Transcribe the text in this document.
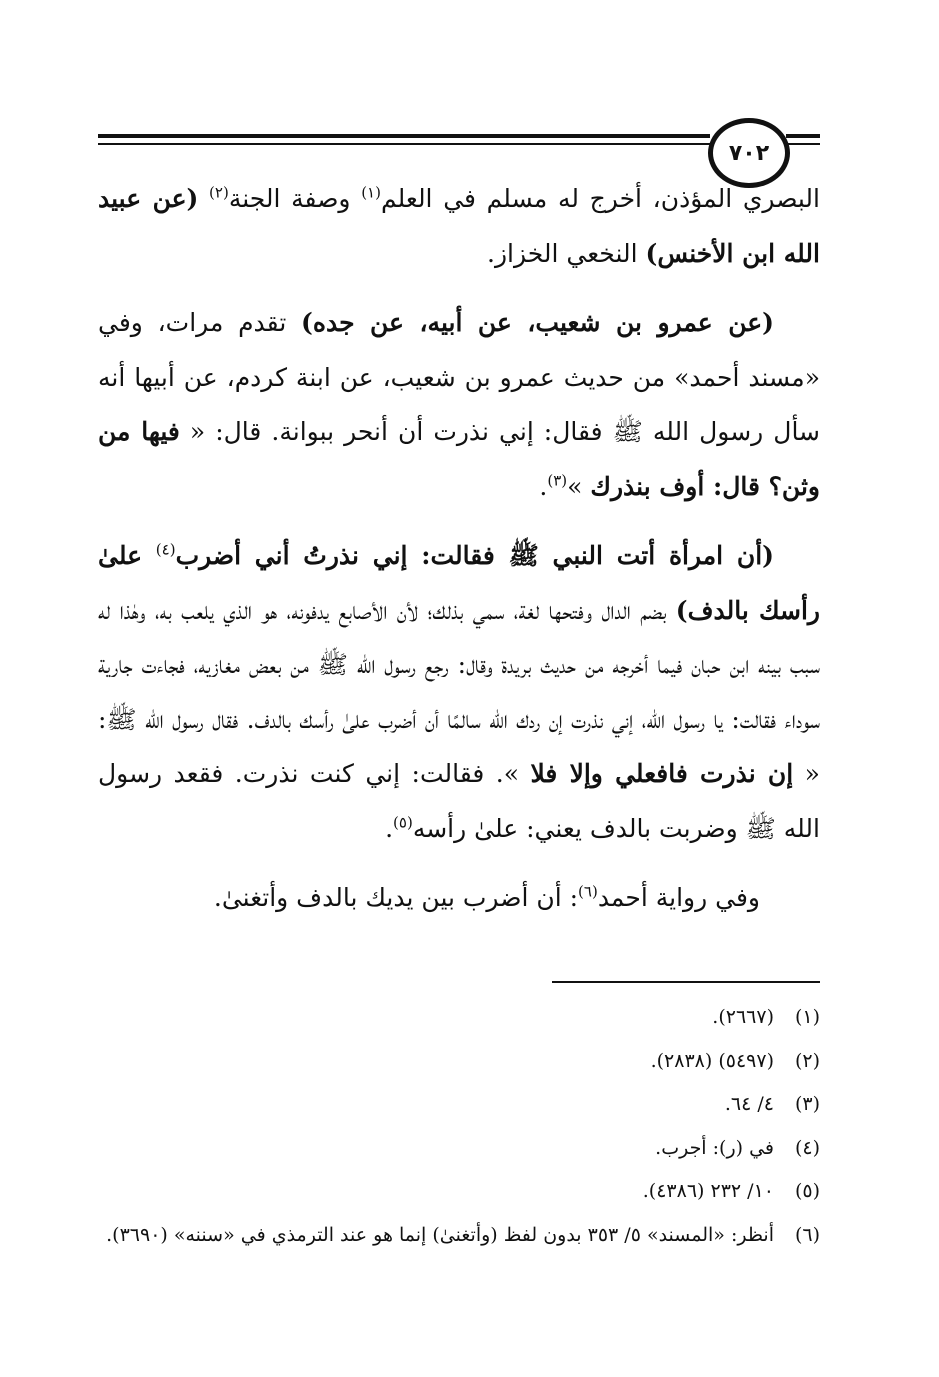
٧٠٢

البصري المؤذن، أخرج له مسلم في العلم$^{(١)}$ وصفة الجنة$^{(٢)}$ (عن عبيد الله ابن الأخنس) النخعي الخزاز.

(عن عمرو بن شعيب، عن أبيه، عن جده) تقدم مرات، وفي «مسند أحمد» من حديث عمرو بن شعيب، عن ابنة كردم، عن أبيها أنه سأل رسول الله ﷺ فقال: إني نذرت أن أنحر ببوانة. قال: « فيها من وثن؟ قال: أوف بنذرك »$^{(٣)}$.

(أن امرأة أتت النبي ﷺ فقالت: إني نذرتُ أني أضرب$^{(٤)}$ علىٰ رأسك بالدف) بضم الدال وفتحها لغة، سمي بذلك؛ لأن الأصابع يدفونه، هو الذي يلعب به، وهٰذا له سبب بينه ابن حبان فيما أخرجه من حديث بريدة وقال: رجع رسول الله ﷺ من بعض مغازيه، فجاءت جارية سوداء فقالت: يا رسول الله، إني نذرت إن ردك الله سالمًا أن أضرب علىٰ رأسك بالدف. فقال رسول الله ﷺ: « إن نذرت فافعلي وإلا فلا ». فقالت: إني كنت نذرت. فقعد رسول الله ﷺ وضربت بالدف يعني: علىٰ رأسه$^{(٥)}$.

وفي رواية أحمد$^{(٦)}$: أن أضرب بين يديك بالدف وأتغنىٰ.

(١)
(٢٦٦٧).
(٢)
(٥٤٩٧) (٢٨٣٨).
(٣)
٤/ ٦٤.
(٤)
في (ر): أجرب.
(٥)
١٠/ ٢٣٢ (٤٣٨٦).
(٦)
أنظر: «المسند» ٥/ ٣٥٣ بدون لفظ (وأتغنىٰ) إنما هو عند الترمذي في «سننه» (٣٦٩٠).
